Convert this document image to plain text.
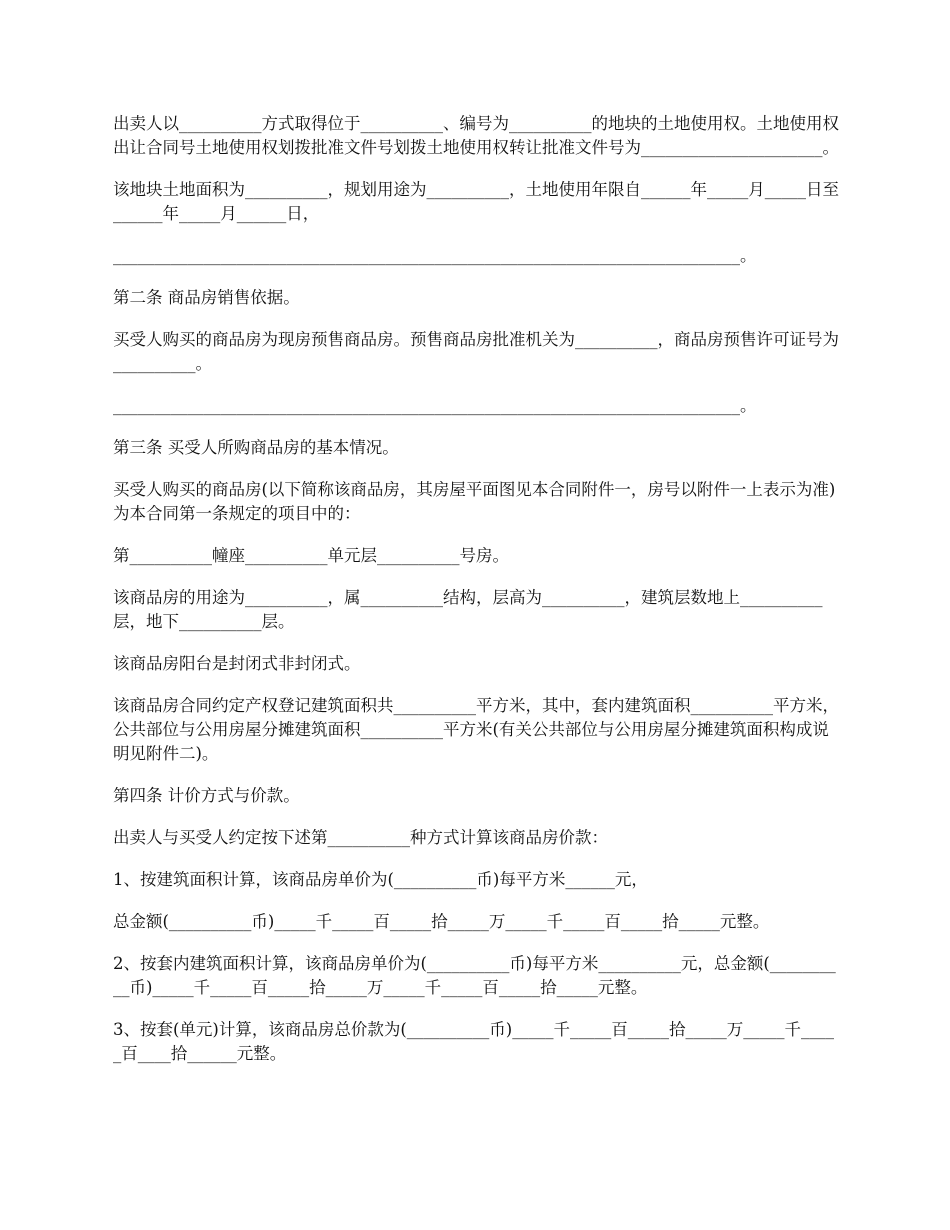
出卖人以__________方式取得位于__________、编号为__________的地块的土地使用权。土地使用权出让合同号土地使用权划拨批准文件号划拨土地使用权转让批准文件号为______________________。

该地块土地面积为__________，规划用途为__________，土地使用年限自______年_____月_____日至______年_____月______日，

____________________________________________________________________________。

第二条 商品房销售依据。

买受人购买的商品房为现房预售商品房。预售商品房批准机关为__________，商品房预售许可证号为__________。

____________________________________________________________________________。

第三条 买受人所购商品房的基本情况。

买受人购买的商品房(以下简称该商品房，其房屋平面图见本合同附件一，房号以附件一上表示为准)为本合同第一条规定的项目中的：

第__________幢座__________单元层__________号房。

该商品房的用途为__________，属__________结构，层高为__________，建筑层数地上__________层，地下__________层。

该商品房阳台是封闭式非封闭式。

该商品房合同约定产权登记建筑面积共__________平方米，其中，套内建筑面积__________平方米，公共部位与公用房屋分摊建筑面积__________平方米(有关公共部位与公用房屋分摊建筑面积构成说明见附件二)。

第四条 计价方式与价款。

出卖人与买受人约定按下述第__________种方式计算该商品房价款：

1、按建筑面积计算，该商品房单价为(__________币)每平方米______元，

总金额(__________币)_____千_____百_____拾_____万_____千_____百_____拾_____元整。

2、按套内建筑面积计算，该商品房单价为(__________币)每平方米__________元，总金额(__________币)_____千_____百_____拾_____万_____千_____百_____拾_____元整。

3、按套(单元)计算，该商品房总价款为(__________币)_____千_____百_____拾_____万_____千_____百____拾______元整。
